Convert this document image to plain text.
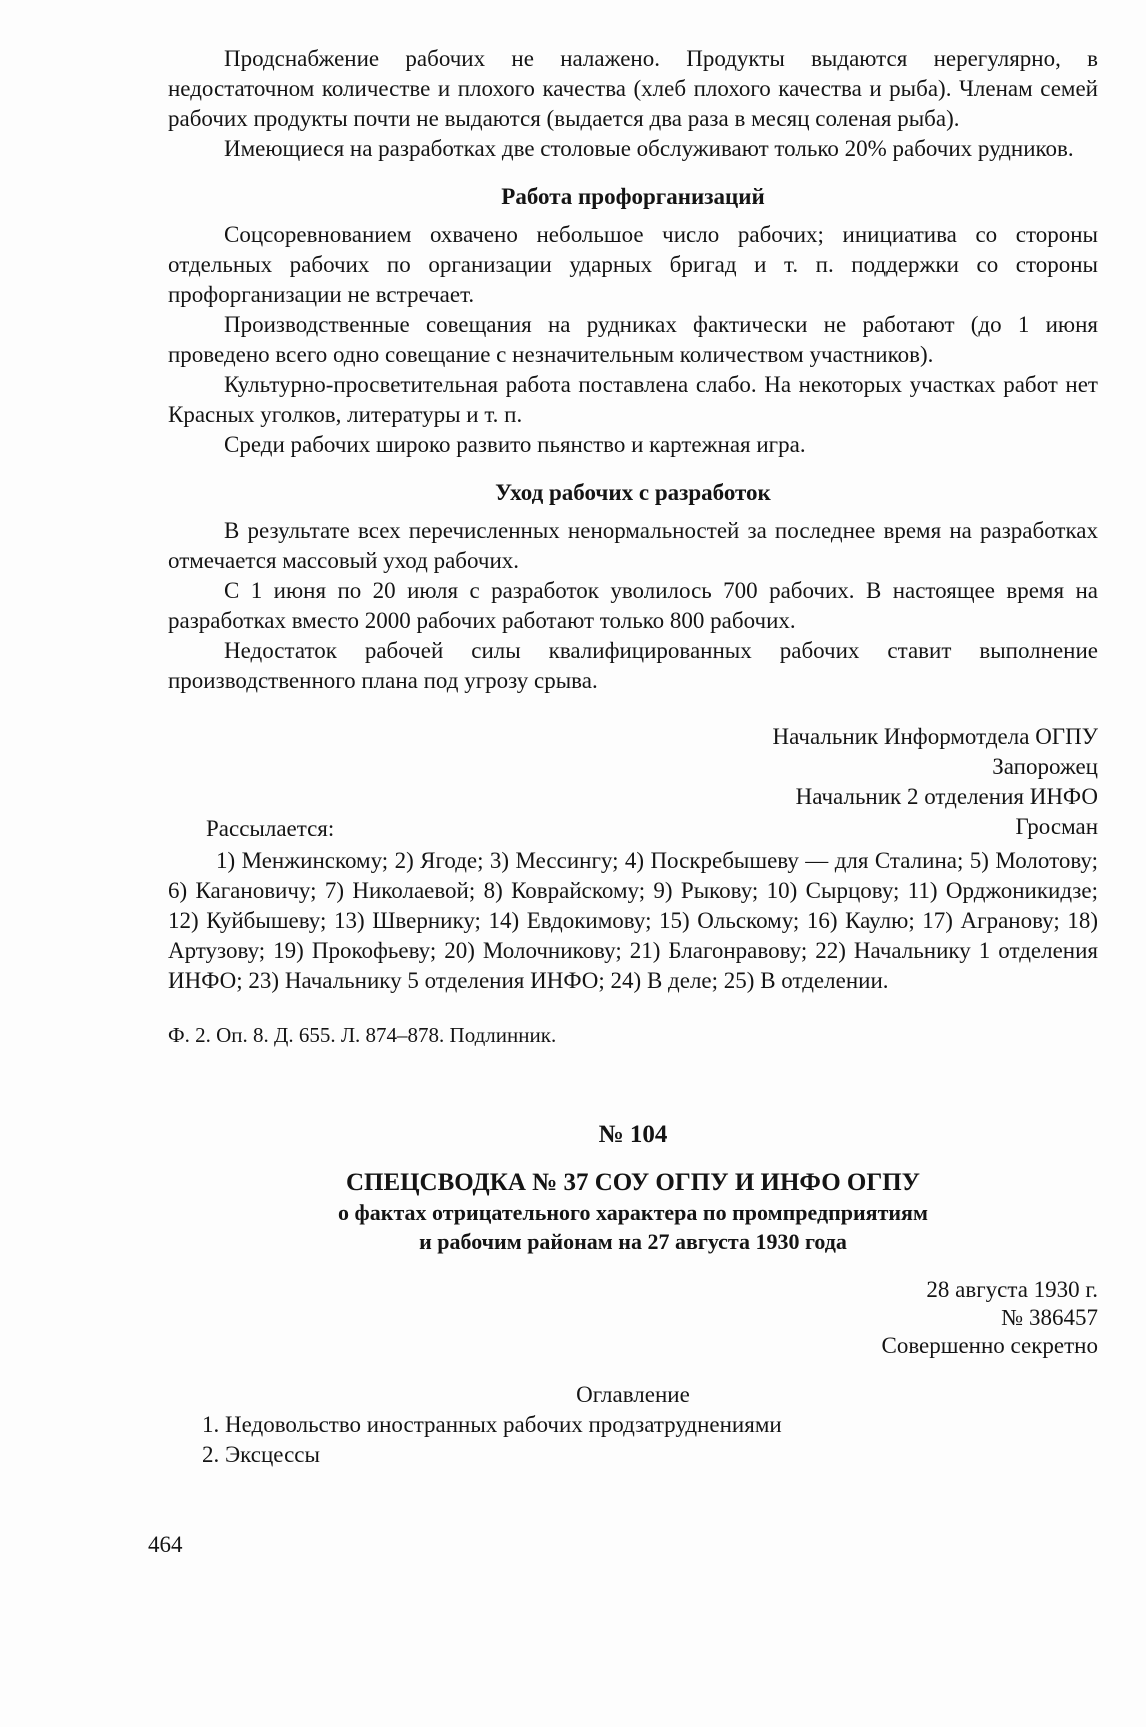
Продснабжение рабочих не налажено. Продукты выдаются нерегулярно, в недостаточном количестве и плохого качества (хлеб плохого качества и рыба). Членам семей рабочих продукты почти не выдаются (выдается два раза в месяц соленая рыба).

Имеющиеся на разработках две столовые обслуживают только 20% рабочих рудников.

Работа профорганизаций

Соцсоревнованием охвачено небольшое число рабочих; инициатива со стороны отдельных рабочих по организации ударных бригад и т. п. поддержки со стороны профорганизации не встречает.

Производственные совещания на рудниках фактически не работают (до 1 июня проведено всего одно совещание с незначительным количеством участников).

Культурно-просветительная работа поставлена слабо. На некоторых участках работ нет Красных уголков, литературы и т. п.

Среди рабочих широко развито пьянство и картежная игра.

Уход рабочих с разработок

В результате всех перечисленных ненормальностей за последнее время на разработках отмечается массовый уход рабочих.

С 1 июня по 20 июля с разработок уволилось 700 рабочих. В настоящее время на разработках вместо 2000 рабочих работают только 800 рабочих.

Недостаток рабочей силы квалифицированных рабочих ставит выполнение производственного плана под угрозу срыва.

Начальник Информотдела ОГПУ
Запорожец
Начальник 2 отделения ИНФО
Гросман
Рассылается:

1) Менжинскому; 2) Ягоде; 3) Мессингу; 4) Поскребышеву — для Сталина; 5) Молотову; 6) Кагановичу; 7) Николаевой; 8) Коврайскому; 9) Рыкову; 10) Сырцову; 11) Орджоникидзе; 12) Куйбышеву; 13) Швернику; 14) Евдокимову; 15) Ольскому; 16) Каулю; 17) Агранову; 18) Артузову; 19) Прокофьеву; 20) Молочникову; 21) Благонравову; 22) Начальнику 1 отделения ИНФО; 23) Начальнику 5 отделения ИНФО; 24) В деле; 25) В отделении.

Ф. 2. Оп. 8. Д. 655. Л. 874–878. Подлинник.
№ 104
СПЕЦСВОДКА № 37 СОУ ОГПУ И ИНФО ОГПУ
о фактах отрицательного характера по промпредприятиям
и рабочим районам на 27 августа 1930 года
28 августа 1930 г.
№ 386457
Совершенно секретно
Оглавление
1. Недовольство иностранных рабочих продзатруднениями
2. Эксцессы
464
